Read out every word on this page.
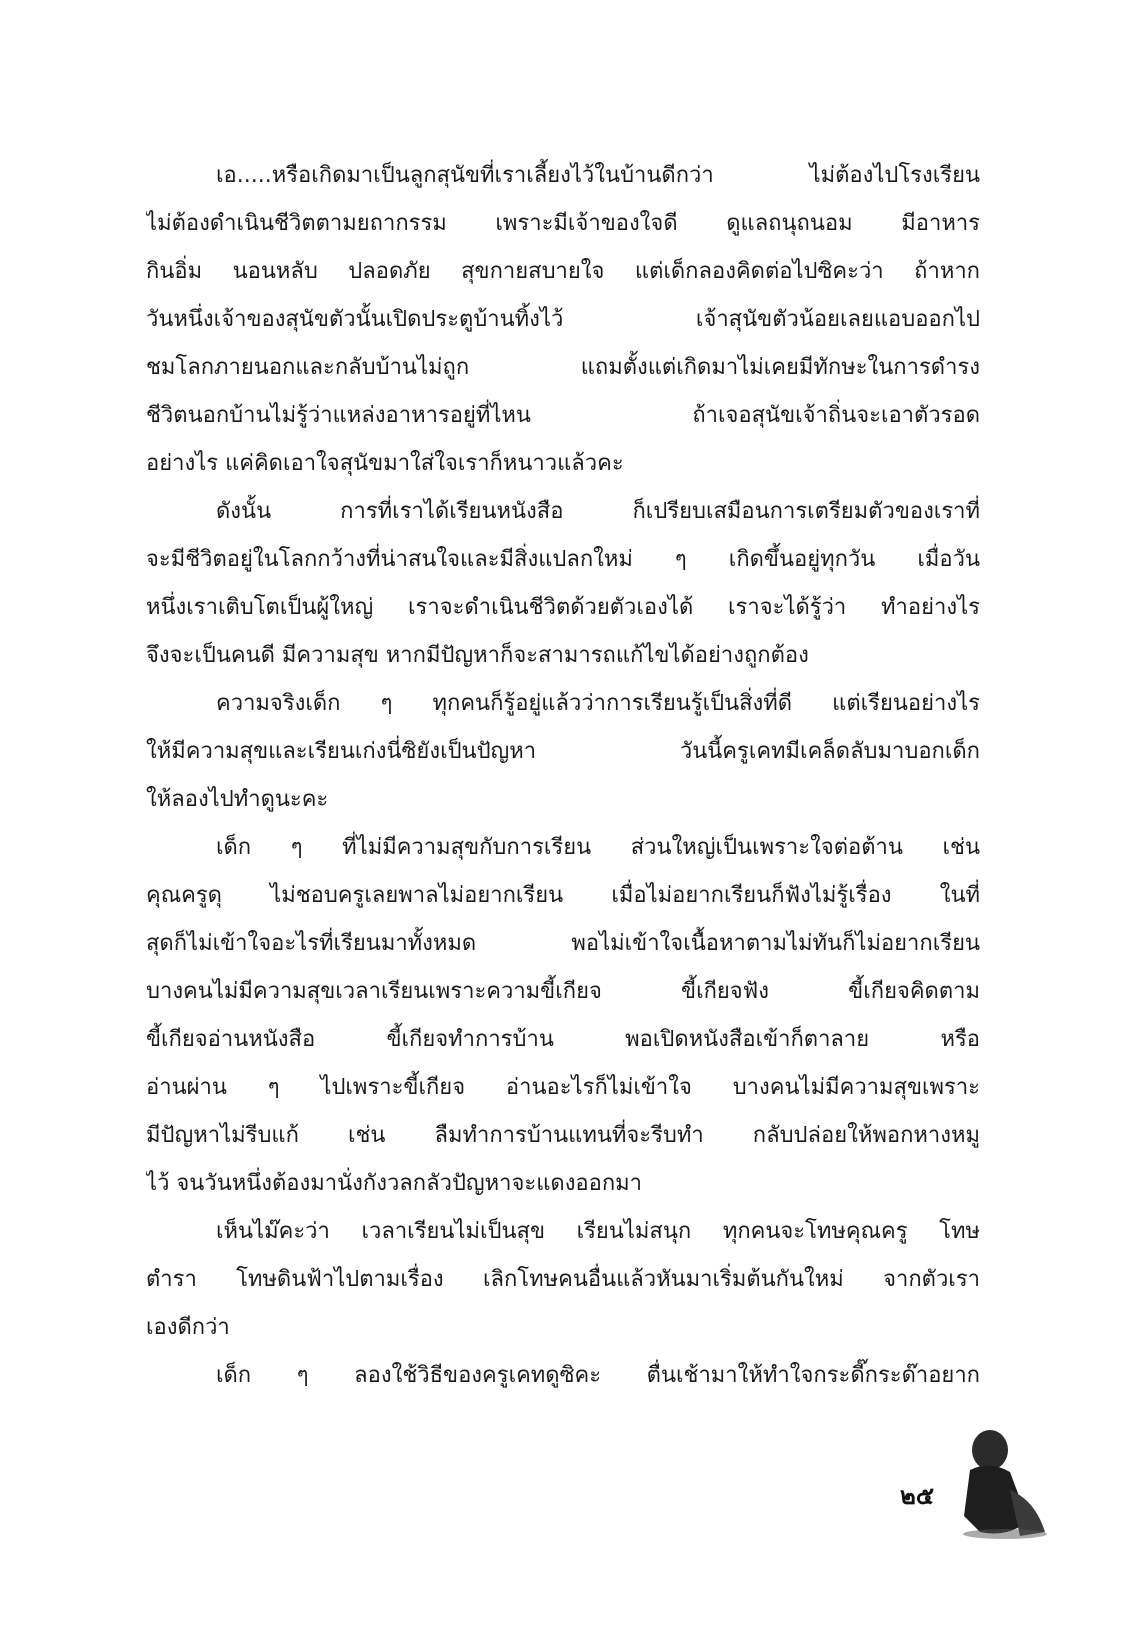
เอ.....หรือเกิดมาเป็นลูกสุนัขที่เราเลี้ยงไว้ในบ้านดีกว่า ไม่ต้องไปโรงเรียน
ไม่ต้องดำเนินชีวิตตามยถากรรม เพราะมีเจ้าของใจดี ดูแลถนุถนอม มีอาหาร
กินอิ่ม นอนหลับ ปลอดภัย สุขกายสบายใจ แต่เด็กลองคิดต่อไปซิคะว่า ถ้าหาก
วันหนึ่งเจ้าของสุนัขตัวนั้นเปิดประตูบ้านทิ้งไว้ เจ้าสุนัขตัวน้อยเลยแอบออกไป
ชมโลกภายนอกและกลับบ้านไม่ถูก แถมตั้งแต่เกิดมาไม่เคยมีทักษะในการดำรง
ชีวิตนอกบ้านไม่รู้ว่าแหล่งอาหารอยู่ที่ไหน ถ้าเจอสุนัขเจ้าถิ่นจะเอาตัวรอด
อย่างไร แค่คิดเอาใจสุนัขมาใส่ใจเราก็หนาวแล้วคะ
ดังนั้น การที่เราได้เรียนหนังสือ ก็เปรียบเสมือนการเตรียมตัวของเราที่
จะมีชีวิตอยู่ในโลกกว้างที่น่าสนใจและมีสิ่งแปลกใหม่ ๆ เกิดขึ้นอยู่ทุกวัน เมื่อวัน
หนึ่งเราเติบโตเป็นผู้ใหญ่ เราจะดำเนินชีวิตด้วยตัวเองได้ เราจะได้รู้ว่า ทำอย่างไร
จึงจะเป็นคนดี มีความสุข หากมีปัญหาก็จะสามารถแก้ไขได้อย่างถูกต้อง
ความจริงเด็ก ๆ ทุกคนก็รู้อยู่แล้วว่าการเรียนรู้เป็นสิ่งที่ดี แต่เรียนอย่างไร
ให้มีความสุขและเรียนเก่งนี่ซิยังเป็นปัญหา วันนี้ครูเคทมีเคล็ดลับมาบอกเด็ก
ให้ลองไปทำดูนะคะ
เด็ก ๆ ที่ไม่มีความสุขกับการเรียน ส่วนใหญ่เป็นเพราะใจต่อต้าน เช่น
คุณครูดุ ไม่ชอบครูเลยพาลไม่อยากเรียน เมื่อไม่อยากเรียนก็ฟังไม่รู้เรื่อง ในที่
สุดก็ไม่เข้าใจอะไรที่เรียนมาทั้งหมด พอไม่เข้าใจเนื้อหาตามไม่ทันก็ไม่อยากเรียน
บางคนไม่มีความสุขเวลาเรียนเพราะความขี้เกียจ ขี้เกียจฟัง ขี้เกียจคิดตาม
ขี้เกียจอ่านหนังสือ ขี้เกียจทำการบ้าน พอเปิดหนังสือเข้าก็ตาลาย หรือ
อ่านผ่าน ๆ ไปเพราะขี้เกียจ อ่านอะไรก็ไม่เข้าใจ บางคนไม่มีความสุขเพราะ
มีปัญหาไม่รีบแก้ เช่น ลืมทำการบ้านแทนที่จะรีบทำ กลับปล่อยให้พอกหางหมู
ไว้ จนวันหนึ่งต้องมานั่งกังวลกลัวปัญหาจะแดงออกมา
เห็นไม๊คะว่า เวลาเรียนไม่เป็นสุข เรียนไม่สนุก ทุกคนจะโทษคุณครู โทษ
ตำรา โทษดินฟ้าไปตามเรื่อง เลิกโทษคนอื่นแล้วหันมาเริ่มต้นกันใหม่ จากตัวเรา
เองดีกว่า
เด็ก ๆ ลองใช้วิธีของครูเคทดูซิคะ ตื่นเช้ามาให้ทำใจกระดี๊กระด๊าอยาก
๒๕
